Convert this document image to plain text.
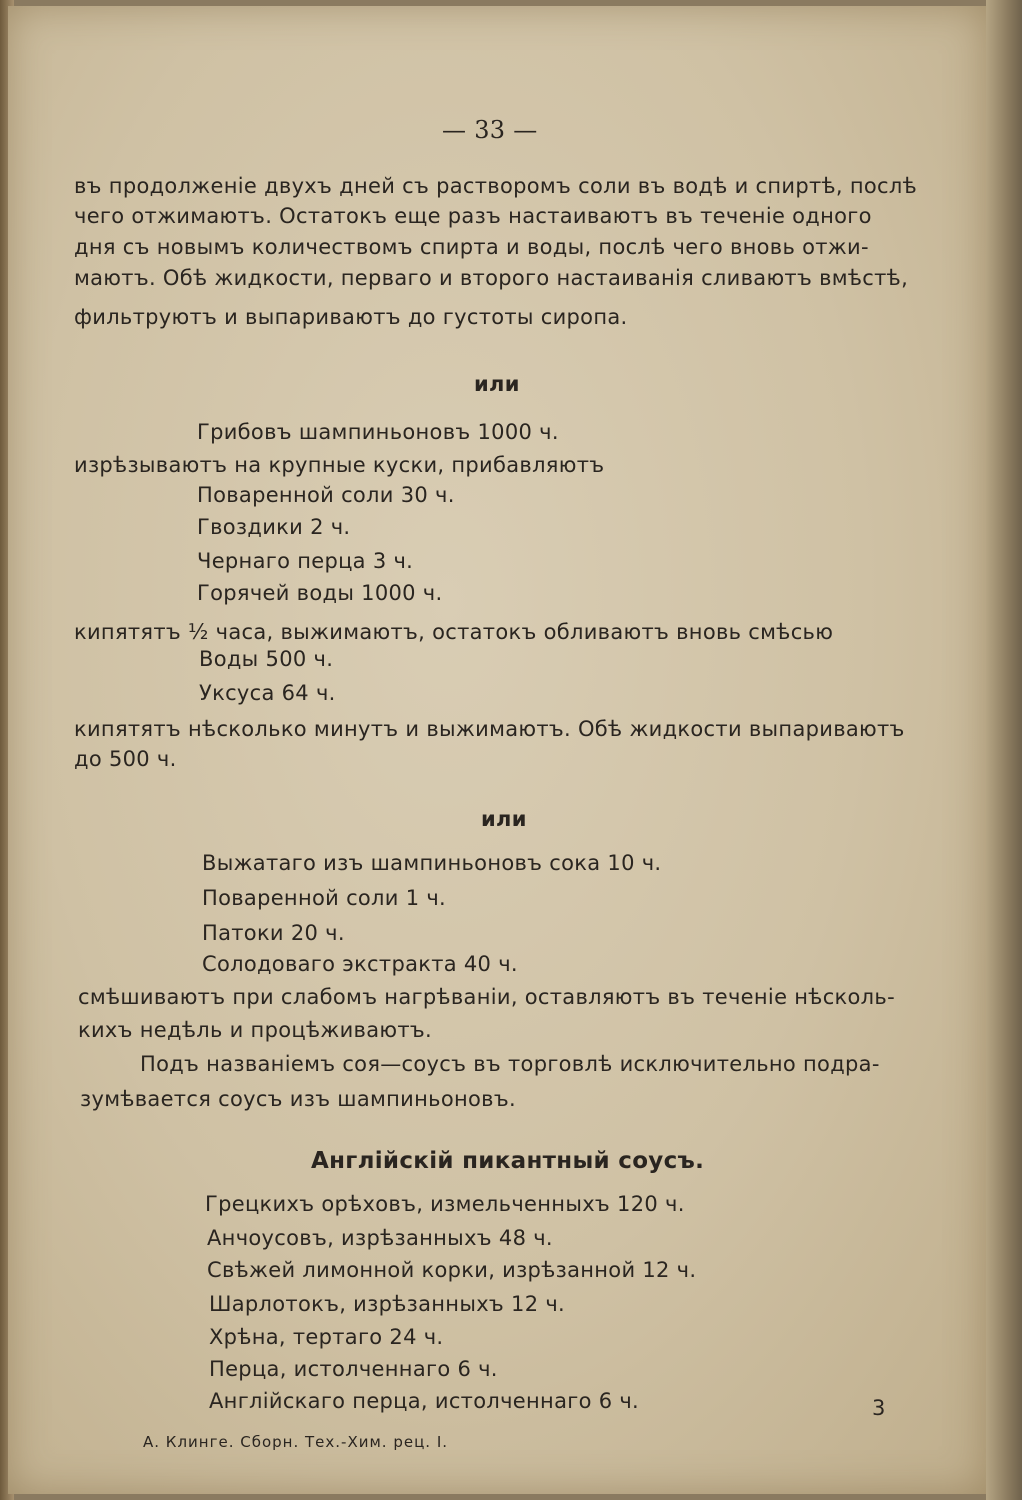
— 33 —
въ продолженіе двухъ дней съ растворомъ соли въ водѣ и спиртѣ, послѣ
чего отжимаютъ. Остатокъ еще разъ настаиваютъ въ теченіе одного
дня съ новымъ количествомъ спирта и воды, послѣ чего вновь отжи-
маютъ. Обѣ жидкости, перваго и второго настаиванія сливаютъ вмѣстѣ,
фильтруютъ и выпариваютъ до густоты сиропа.
или
Грибовъ шампиньоновъ 1000 ч.
изрѣзываютъ на крупные куски, прибавляютъ
Поваренной соли 30 ч.
Гвоздики 2 ч.
Чернаго перца 3 ч.
Горячей воды 1000 ч.
кипятятъ ½ часа, выжимаютъ, остатокъ обливаютъ вновь смѣсью
Воды 500 ч.
Уксуса 64 ч.
кипятятъ нѣсколько минутъ и выжимаютъ. Обѣ жидкости выпариваютъ
до 500 ч.
или
Выжатаго изъ шампиньоновъ сока 10 ч.
Поваренной соли 1 ч.
Патоки 20 ч.
Солодоваго экстракта 40 ч.
смѣшиваютъ при слабомъ нагрѣваніи, оставляютъ въ теченіе нѣсколь-
кихъ недѣль и процѣживаютъ.
Подъ названіемъ соя—соусъ въ торговлѣ исключительно подра-
зумѣвается соусъ изъ шампиньоновъ.
Англійскій пикантный соусъ.
Грецкихъ орѣховъ, измельченныхъ 120 ч.
Анчоусовъ, изрѣзанныхъ 48 ч.
Свѣжей лимонной корки, изрѣзанной 12 ч.
Шарлотокъ, изрѣзанныхъ 12 ч.
Хрѣна, тертаго 24 ч.
Перца, истолченнаго 6 ч.
Англійскаго перца, истолченнаго 6 ч.	3
А. Клинге. Сборн. Тех.-Хим. рец. I.
